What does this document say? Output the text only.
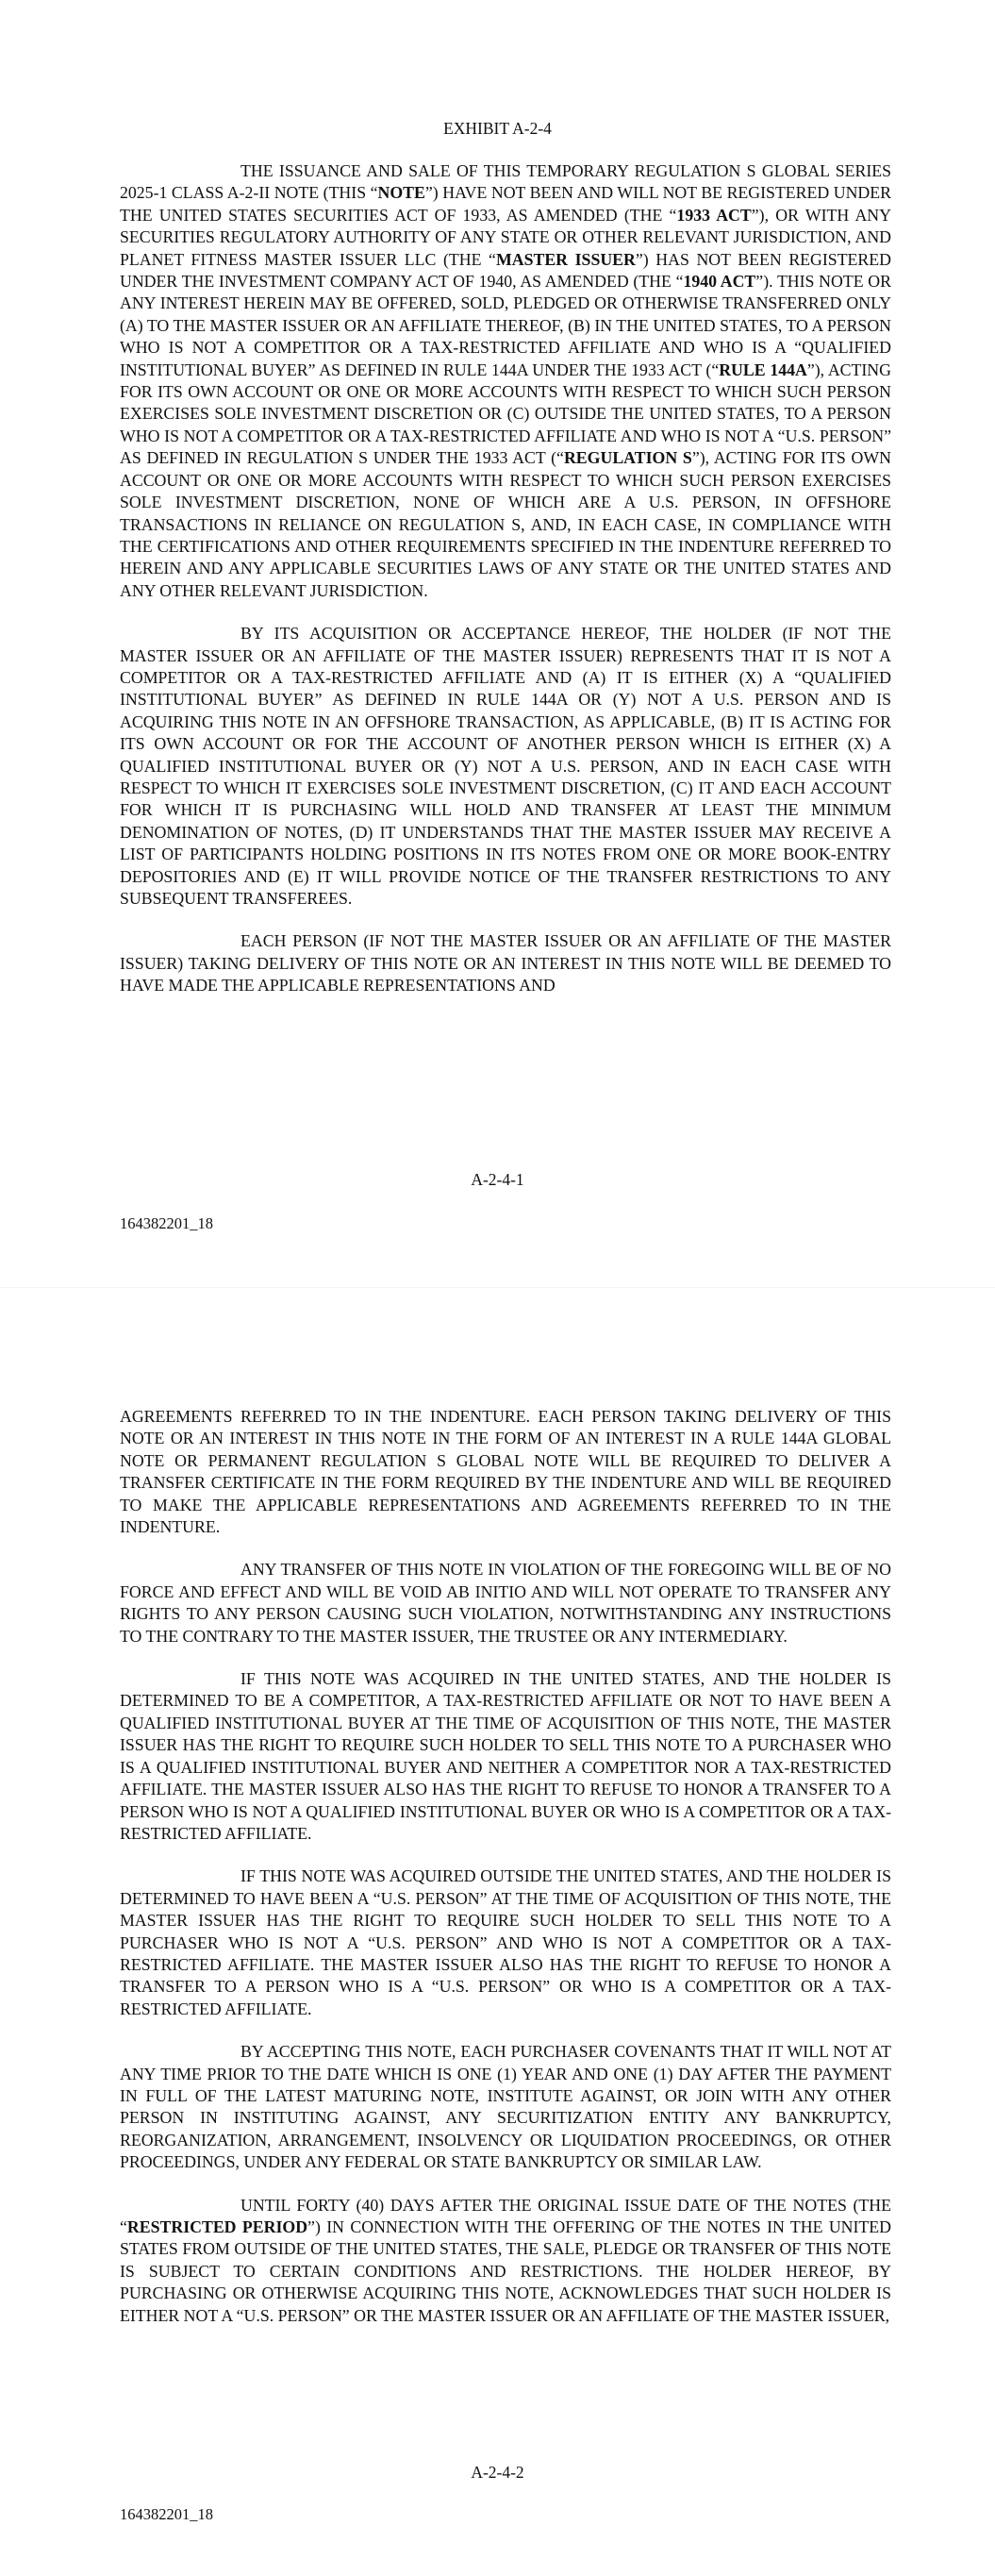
EXHIBIT A-2-4

THE ISSUANCE AND SALE OF THIS TEMPORARY REGULATION S GLOBAL SERIES 2025-1 CLASS A-2-II NOTE (THIS “NOTE”) HAVE NOT BEEN AND WILL NOT BE REGISTERED UNDER THE UNITED STATES SECURITIES ACT OF 1933, AS AMENDED (THE “1933 ACT”), OR WITH ANY SECURITIES REGULATORY AUTHORITY OF ANY STATE OR OTHER RELEVANT JURISDICTION, AND PLANET FITNESS MASTER ISSUER LLC (THE “MASTER ISSUER”) HAS NOT BEEN REGISTERED UNDER THE INVESTMENT COMPANY ACT OF 1940, AS AMENDED (THE “1940 ACT”). THIS NOTE OR ANY INTEREST HEREIN MAY BE OFFERED, SOLD, PLEDGED OR OTHERWISE TRANSFERRED ONLY (A) TO THE MASTER ISSUER OR AN AFFILIATE THEREOF, (B) IN THE UNITED STATES, TO A PERSON WHO IS NOT A COMPETITOR OR A TAX-RESTRICTED AFFILIATE AND WHO IS A “QUALIFIED INSTITUTIONAL BUYER” AS DEFINED IN RULE 144A UNDER THE 1933 ACT (“RULE 144A”), ACTING FOR ITS OWN ACCOUNT OR ONE OR MORE ACCOUNTS WITH RESPECT TO WHICH SUCH PERSON EXERCISES SOLE INVESTMENT DISCRETION OR (C) OUTSIDE THE UNITED STATES, TO A PERSON WHO IS NOT A COMPETITOR OR A TAX-RESTRICTED AFFILIATE AND WHO IS NOT A “U.S. PERSON” AS DEFINED IN REGULATION S UNDER THE 1933 ACT (“REGULATION S”), ACTING FOR ITS OWN ACCOUNT OR ONE OR MORE ACCOUNTS WITH RESPECT TO WHICH SUCH PERSON EXERCISES SOLE INVESTMENT DISCRETION, NONE OF WHICH ARE A U.S. PERSON, IN OFFSHORE TRANSACTIONS IN RELIANCE ON REGULATION S, AND, IN EACH CASE, IN COMPLIANCE WITH THE CERTIFICATIONS AND OTHER REQUIREMENTS SPECIFIED IN THE INDENTURE REFERRED TO HEREIN AND ANY APPLICABLE SECURITIES LAWS OF ANY STATE OR THE UNITED STATES AND ANY OTHER RELEVANT JURISDICTION.

BY ITS ACQUISITION OR ACCEPTANCE HEREOF, THE HOLDER (IF NOT THE MASTER ISSUER OR AN AFFILIATE OF THE MASTER ISSUER) REPRESENTS THAT IT IS NOT A COMPETITOR OR A TAX-RESTRICTED AFFILIATE AND (A) IT IS EITHER (X) A “QUALIFIED INSTITUTIONAL BUYER” AS DEFINED IN RULE 144A OR (Y) NOT A U.S. PERSON AND IS ACQUIRING THIS NOTE IN AN OFFSHORE TRANSACTION, AS APPLICABLE, (B) IT IS ACTING FOR ITS OWN ACCOUNT OR FOR THE ACCOUNT OF ANOTHER PERSON WHICH IS EITHER (X) A QUALIFIED INSTITUTIONAL BUYER OR (Y) NOT A U.S. PERSON, AND IN EACH CASE WITH RESPECT TO WHICH IT EXERCISES SOLE INVESTMENT DISCRETION, (C) IT AND EACH ACCOUNT FOR WHICH IT IS PURCHASING WILL HOLD AND TRANSFER AT LEAST THE MINIMUM DENOMINATION OF NOTES, (D) IT UNDERSTANDS THAT THE MASTER ISSUER MAY RECEIVE A LIST OF PARTICIPANTS HOLDING POSITIONS IN ITS NOTES FROM ONE OR MORE BOOK-ENTRY DEPOSITORIES AND (E) IT WILL PROVIDE NOTICE OF THE TRANSFER RESTRICTIONS TO ANY SUBSEQUENT TRANSFEREES.

EACH PERSON (IF NOT THE MASTER ISSUER OR AN AFFILIATE OF THE MASTER ISSUER) TAKING DELIVERY OF THIS NOTE OR AN INTEREST IN THIS NOTE WILL BE DEEMED TO HAVE MADE THE APPLICABLE REPRESENTATIONS AND

A-2-4-1
164382201_18

AGREEMENTS REFERRED TO IN THE INDENTURE. EACH PERSON TAKING DELIVERY OF THIS NOTE OR AN INTEREST IN THIS NOTE IN THE FORM OF AN INTEREST IN A RULE 144A GLOBAL NOTE OR PERMANENT REGULATION S GLOBAL NOTE WILL BE REQUIRED TO DELIVER A TRANSFER CERTIFICATE IN THE FORM REQUIRED BY THE INDENTURE AND WILL BE REQUIRED TO MAKE THE APPLICABLE REPRESENTATIONS AND AGREEMENTS REFERRED TO IN THE INDENTURE.

ANY TRANSFER OF THIS NOTE IN VIOLATION OF THE FOREGOING WILL BE OF NO FORCE AND EFFECT AND WILL BE VOID AB INITIO AND WILL NOT OPERATE TO TRANSFER ANY RIGHTS TO ANY PERSON CAUSING SUCH VIOLATION, NOTWITHSTANDING ANY INSTRUCTIONS TO THE CONTRARY TO THE MASTER ISSUER, THE TRUSTEE OR ANY INTERMEDIARY.

IF THIS NOTE WAS ACQUIRED IN THE UNITED STATES, AND THE HOLDER IS DETERMINED TO BE A COMPETITOR, A TAX-RESTRICTED AFFILIATE OR NOT TO HAVE BEEN A QUALIFIED INSTITUTIONAL BUYER AT THE TIME OF ACQUISITION OF THIS NOTE, THE MASTER ISSUER HAS THE RIGHT TO REQUIRE SUCH HOLDER TO SELL THIS NOTE TO A PURCHASER WHO IS A QUALIFIED INSTITUTIONAL BUYER AND NEITHER A COMPETITOR NOR A TAX-RESTRICTED AFFILIATE. THE MASTER ISSUER ALSO HAS THE RIGHT TO REFUSE TO HONOR A TRANSFER TO A PERSON WHO IS NOT A QUALIFIED INSTITUTIONAL BUYER OR WHO IS A COMPETITOR OR A TAX-RESTRICTED AFFILIATE.

IF THIS NOTE WAS ACQUIRED OUTSIDE THE UNITED STATES, AND THE HOLDER IS DETERMINED TO HAVE BEEN A “U.S. PERSON” AT THE TIME OF ACQUISITION OF THIS NOTE, THE MASTER ISSUER HAS THE RIGHT TO REQUIRE SUCH HOLDER TO SELL THIS NOTE TO A PURCHASER WHO IS NOT A “U.S. PERSON” AND WHO IS NOT A COMPETITOR OR A TAX-RESTRICTED AFFILIATE. THE MASTER ISSUER ALSO HAS THE RIGHT TO REFUSE TO HONOR A TRANSFER TO A PERSON WHO IS A “U.S. PERSON” OR WHO IS A COMPETITOR OR A TAX-RESTRICTED AFFILIATE.

BY ACCEPTING THIS NOTE, EACH PURCHASER COVENANTS THAT IT WILL NOT AT ANY TIME PRIOR TO THE DATE WHICH IS ONE (1) YEAR AND ONE (1) DAY AFTER THE PAYMENT IN FULL OF THE LATEST MATURING NOTE, INSTITUTE AGAINST, OR JOIN WITH ANY OTHER PERSON IN INSTITUTING AGAINST, ANY SECURITIZATION ENTITY ANY BANKRUPTCY, REORGANIZATION, ARRANGEMENT, INSOLVENCY OR LIQUIDATION PROCEEDINGS, OR OTHER PROCEEDINGS, UNDER ANY FEDERAL OR STATE BANKRUPTCY OR SIMILAR LAW.

UNTIL FORTY (40) DAYS AFTER THE ORIGINAL ISSUE DATE OF THE NOTES (THE “RESTRICTED PERIOD”) IN CONNECTION WITH THE OFFERING OF THE NOTES IN THE UNITED STATES FROM OUTSIDE OF THE UNITED STATES, THE SALE, PLEDGE OR TRANSFER OF THIS NOTE IS SUBJECT TO CERTAIN CONDITIONS AND RESTRICTIONS. THE HOLDER HEREOF, BY PURCHASING OR OTHERWISE ACQUIRING THIS NOTE, ACKNOWLEDGES THAT SUCH HOLDER IS EITHER NOT A “U.S. PERSON” OR THE MASTER ISSUER OR AN AFFILIATE OF THE MASTER ISSUER,

A-2-4-2
164382201_18
